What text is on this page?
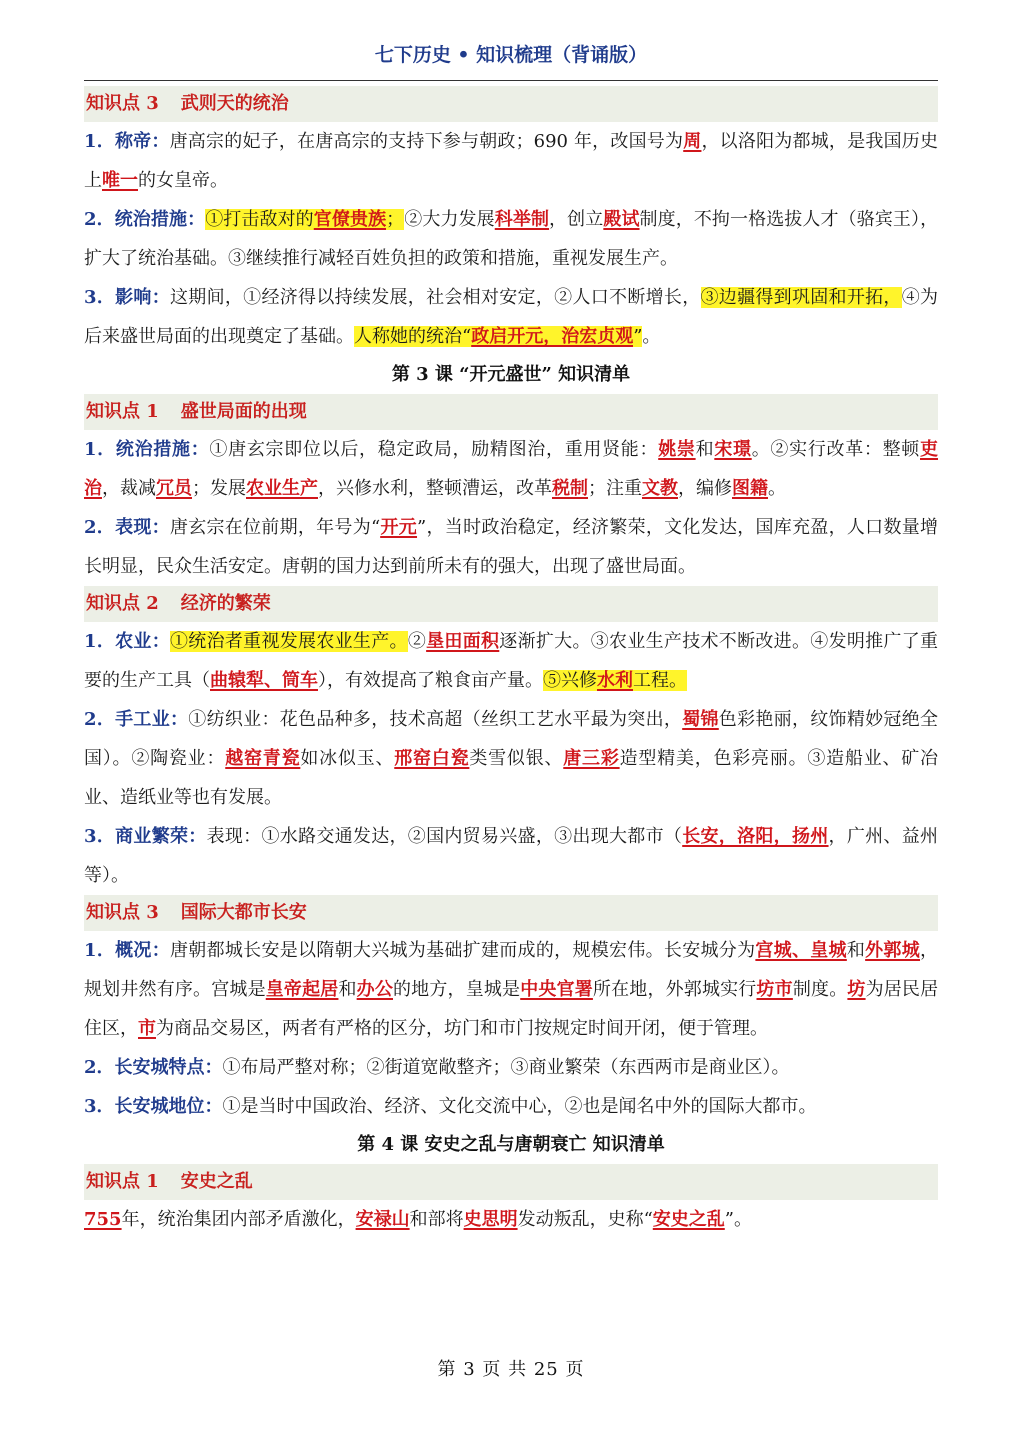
七下历史 • 知识梳理（背诵版）
知识点 3 武则天的统治

1．称帝：唐高宗的妃子，在唐高宗的支持下参与朝政；690 年，改国号为周，以洛阳为都城，是我国历史上唯一的女皇帝。

2．统治措施：①打击敌对的官僚贵族；②大力发展科举制，创立殿试制度，不拘一格选拔人才（骆宾王），扩大了统治基础。③继续推行减轻百姓负担的政策和措施，重视发展生产。

3．影响：这期间，①经济得以持续发展，社会相对安定，②人口不断增长，③边疆得到巩固和开拓，④为后来盛世局面的出现奠定了基础。人称她的统治“政启开元，治宏贞观”。

第 3 课 “开元盛世” 知识清单
知识点 1 盛世局面的出现

1．统治措施：①唐玄宗即位以后，稳定政局，励精图治，重用贤能：姚崇和宋璟。②实行改革：整顿吏治，裁减冗员；发展农业生产，兴修水利，整顿漕运，改革税制；注重文教，编修图籍。

2．表现：唐玄宗在位前期，年号为“开元”，当时政治稳定，经济繁荣，文化发达，国库充盈，人口数量增长明显，民众生活安定。唐朝的国力达到前所未有的强大，出现了盛世局面。

知识点 2 经济的繁荣

1．农业：①统治者重视发展农业生产。②垦田面积逐渐扩大。③农业生产技术不断改进。④发明推广了重要的生产工具（曲辕犁、筒车），有效提高了粮食亩产量。⑤兴修水利工程。

2．手工业：①纺织业：花色品种多，技术高超（丝织工艺水平最为突出，蜀锦色彩艳丽，纹饰精妙冠绝全国）。②陶瓷业：越窑青瓷如冰似玉、邢窑白瓷类雪似银、唐三彩造型精美，色彩亮丽。③造船业、矿冶业、造纸业等也有发展。

3．商业繁荣：表现：①水路交通发达，②国内贸易兴盛，③出现大都市（长安，洛阳，扬州，广州、益州等）。

知识点 3 国际大都市长安

1．概况：唐朝都城长安是以隋朝大兴城为基础扩建而成的，规模宏伟。长安城分为宫城、皇城和外郭城，规划井然有序。宫城是皇帝起居和办公的地方，皇城是中央官署所在地，外郭城实行坊市制度。坊为居民居住区，市为商品交易区，两者有严格的区分，坊门和市门按规定时间开闭，便于管理。

2．长安城特点：①布局严整对称；②街道宽敞整齐；③商业繁荣（东西两市是商业区）。

3．长安城地位：①是当时中国政治、经济、文化交流中心，②也是闻名中外的国际大都市。

第 4 课 安史之乱与唐朝衰亡 知识清单
知识点 1 安史之乱

755年，统治集团内部矛盾激化，安禄山和部将史思明发动叛乱，史称“安史之乱”。

第 3 页 共 25 页
